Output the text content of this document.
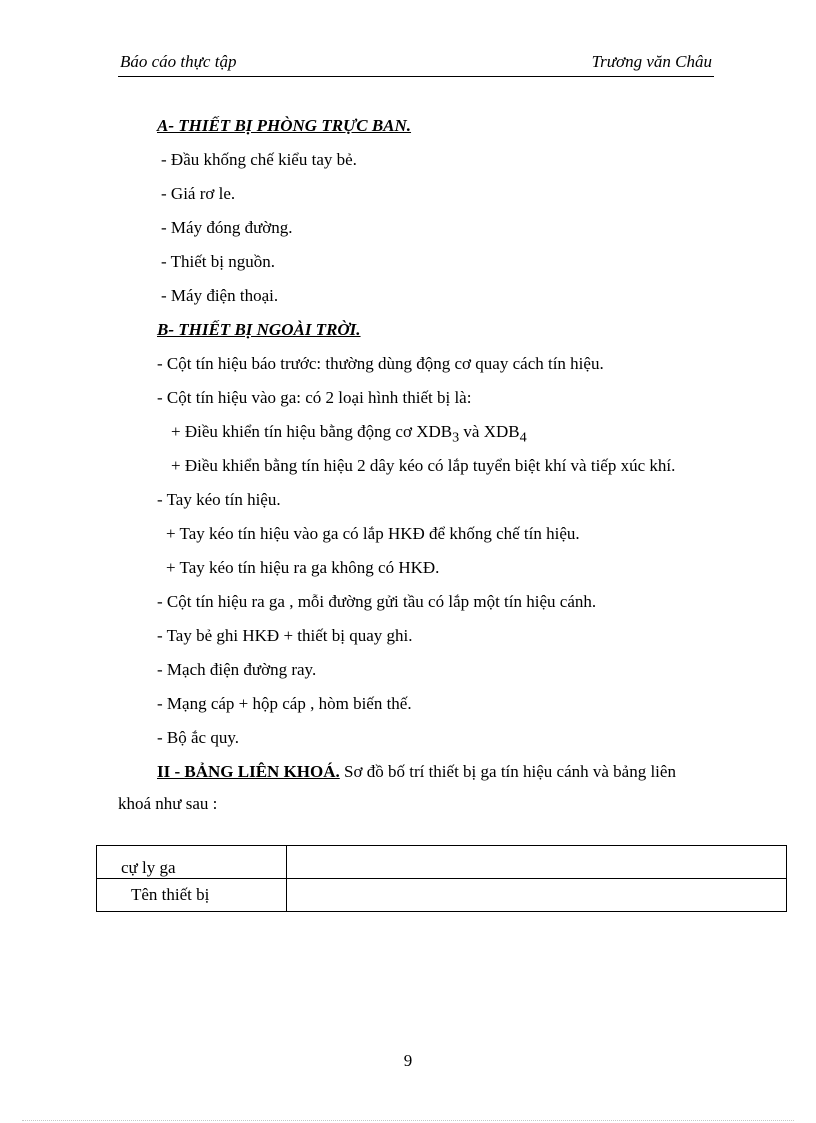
Báo cáo thực tập	Trương văn Châu
A- THIẾT BỊ PHÒNG TRỰC BAN.
- Đầu khống chế kiểu tay bẻ.
- Giá rơ le.
- Máy đóng đường.
- Thiết bị nguồn.
- Máy điện thoại.
B- THIẾT BỊ NGOÀI TRỜI.
- Cột tín hiệu báo trước: thường dùng động cơ quay cách tín hiệu.
- Cột tín hiệu vào ga: có 2 loại hình thiết bị là:
+ Điều khiển tín hiệu bằng động cơ $XDB_3$ và $XDB_4$
+ Điều khiển bằng tín hiệu 2 dây kéo có lắp tuyển biệt khí và tiếp xúc khí.
- Tay kéo tín hiệu.
+ Tay kéo tín hiệu vào ga có lắp HKĐ để khống chế tín hiệu.
+ Tay kéo tín hiệu ra ga không có HKĐ.
- Cột tín hiệu ra ga , mỗi đường gửi tầu có lắp một tín hiệu cánh.
- Tay bẻ ghi HKĐ + thiết bị quay ghi.
- Mạch điện đường ray.
- Mạng cáp + hộp cáp , hòm biến thế.
- Bộ ắc quy.
II - BẢNG LIÊN KHOÁ. Sơ đồ bố trí thiết bị ga tín hiệu cánh và bảng liên
khoá như sau :
cự ly ga	
Tên thiết bị	
9
